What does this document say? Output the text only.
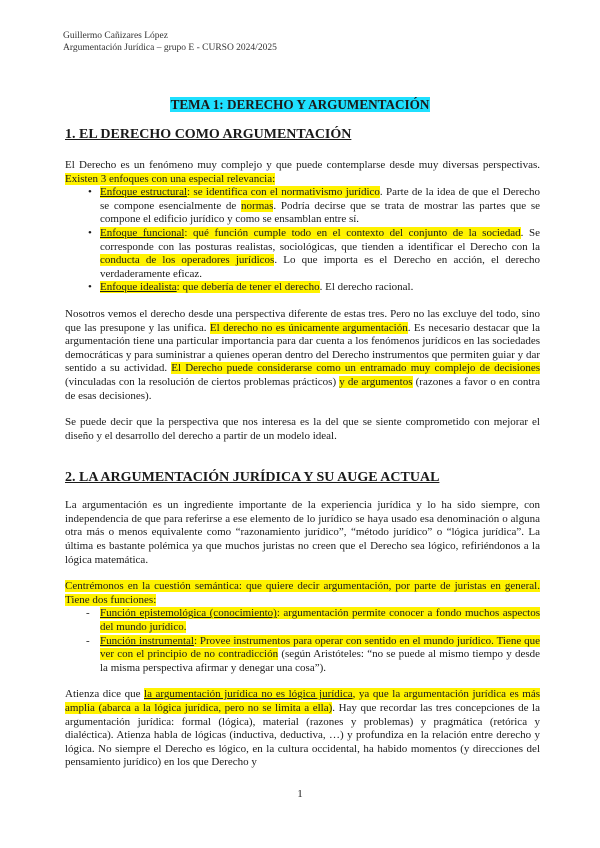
Guillermo Cañizares López
Argumentación Jurídica – grupo E - CURSO 2024/2025
TEMA 1: DERECHO Y ARGUMENTACIÓN
1. EL DERECHO COMO ARGUMENTACIÓN

El Derecho es un fenómeno muy complejo y que puede contemplarse desde muy diversas perspectivas. Existen 3 enfoques con una especial relevancia:

• Enfoque estructural: se identifica con el normativismo jurídico. Parte de la idea de que el Derecho se compone esencialmente de normas. Podría decirse que se trata de mostrar las partes que se compone el edificio jurídico y como se ensamblan entre sí.
• Enfoque funcional: qué función cumple todo en el contexto del conjunto de la sociedad. Se corresponde con las posturas realistas, sociológicas, que tienden a identificar el Derecho con la conducta de los operadores jurídicos. Lo que importa es el Derecho en acción, el derecho verdaderamente eficaz.
• Enfoque idealista: que debería de tener el derecho. El derecho racional.

Nosotros vemos el derecho desde una perspectiva diferente de estas tres. Pero no las excluye del todo, sino que las presupone y las unifica. El derecho no es únicamente argumentación. Es necesario destacar que la argumentación tiene una particular importancia para dar cuenta a los fenómenos jurídicos en las sociedades democráticas y para suministrar a quienes operan dentro del Derecho instrumentos que permiten guiar y dar sentido a su actividad. El Derecho puede considerarse como un entramado muy complejo de decisiones (vinculadas con la resolución de ciertos problemas prácticos) y de argumentos (razones a favor o en contra de esas decisiones).

Se puede decir que la perspectiva que nos interesa es la del que se siente comprometido con mejorar el diseño y el desarrollo del derecho a partir de un modelo ideal.

2. LA ARGUMENTACIÓN JURÍDICA Y SU AUGE ACTUAL

La argumentación es un ingrediente importante de la experiencia jurídica y lo ha sido siempre, con independencia de que para referirse a ese elemento de lo jurídico se haya usado esa denominación o alguna otra más o menos equivalente como “razonamiento jurídico”, “método jurídico” o “lógica jurídica”. La última es bastante polémica ya que muchos juristas no creen que el Derecho sea lógico, refiriéndonos a la lógica matemática.

Centrémonos en la cuestión semántica: que quiere decir argumentación, por parte de juristas en general. Tiene dos funciones:

- Función epistemológica (conocimiento): argumentación permite conocer a fondo muchos aspectos del mundo jurídico.
- Función instrumental: Provee instrumentos para operar con sentido en el mundo jurídico. Tiene que ver con el principio de no contradicción (según Aristóteles: “no se puede al mismo tiempo y desde la misma perspectiva afirmar y denegar una cosa”).

Atienza dice que la argumentación jurídica no es lógica jurídica, ya que la argumentación jurídica es más amplia (abarca a la lógica jurídica, pero no se limita a ella). Hay que recordar las tres concepciones de la argumentación jurídica: formal (lógica), material (razones y problemas) y pragmática (retórica y dialéctica). Atienza habla de lógicas (inductiva, deductiva, …) y profundiza en la relación entre derecho y lógica. No siempre el Derecho es lógico, en la cultura occidental, ha habido momentos (y direcciones del pensamiento jurídico) en los que Derecho y

1
